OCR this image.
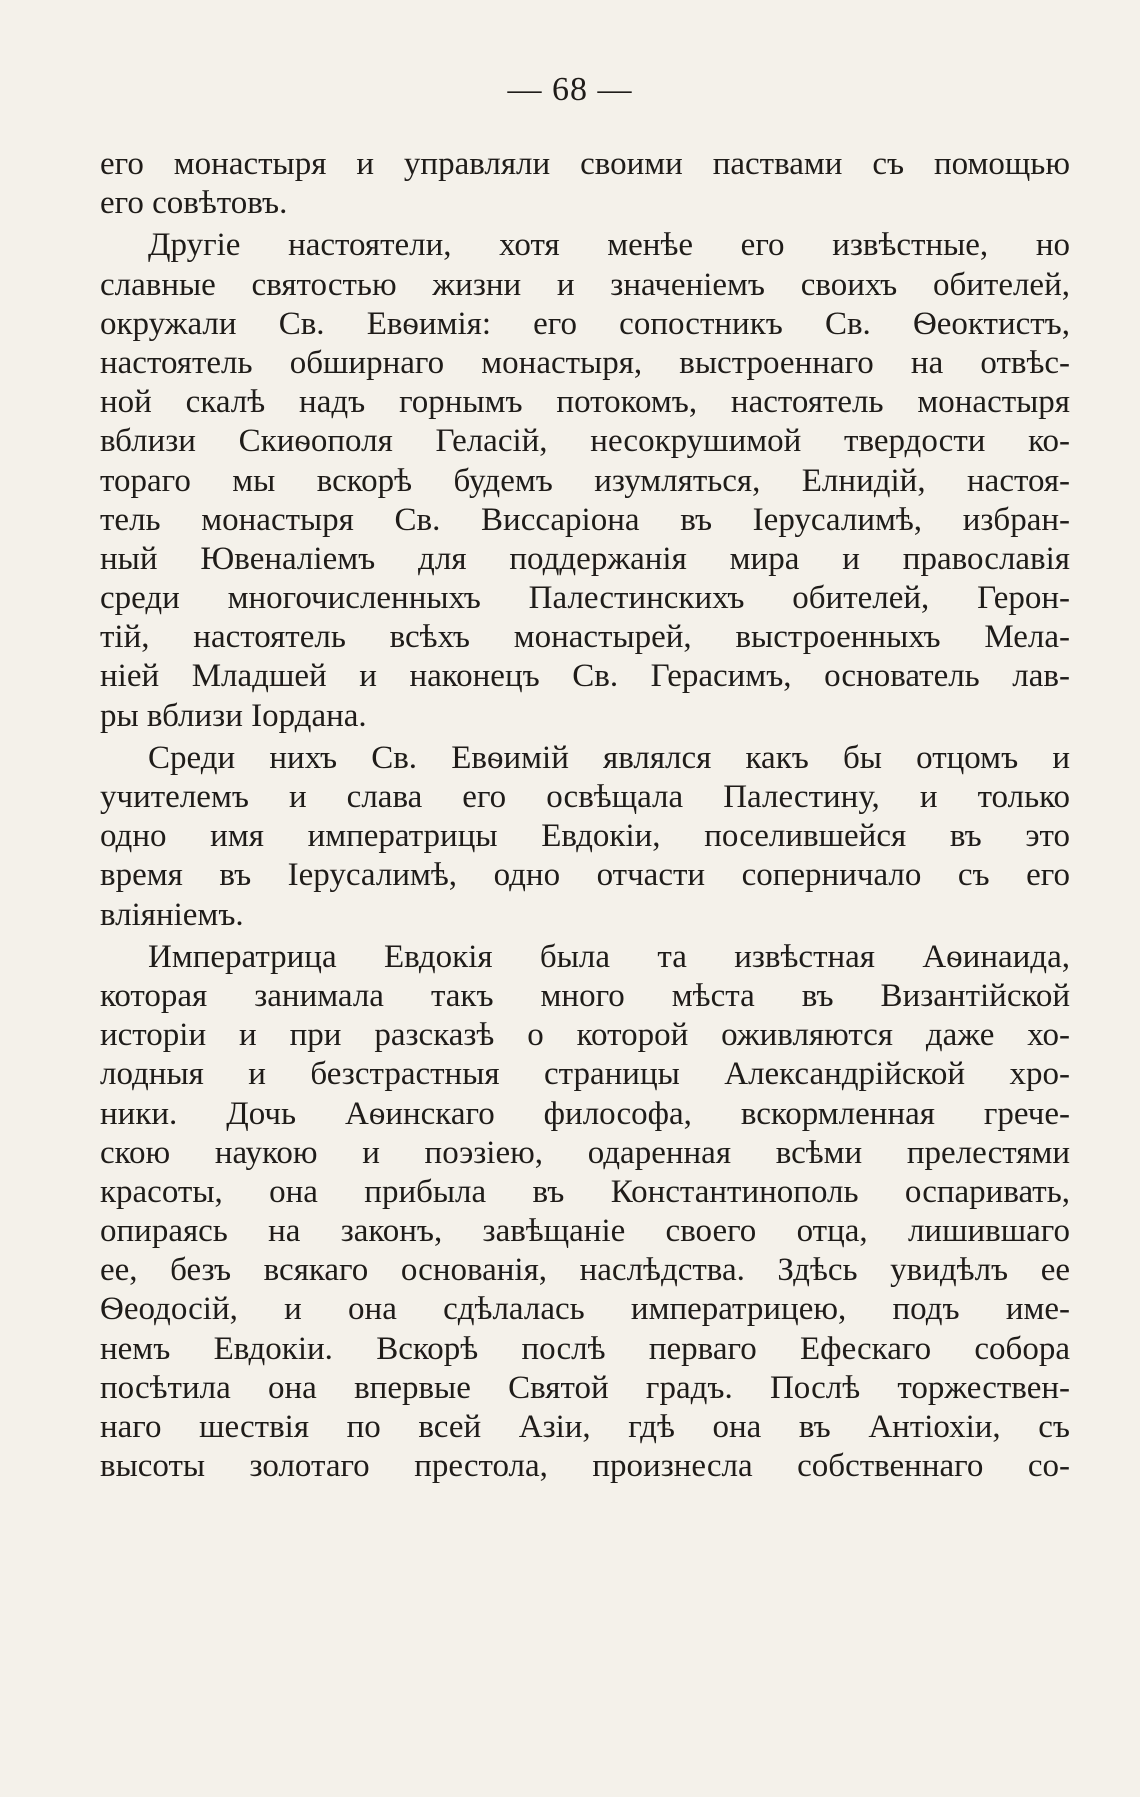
— 68 —
его монастыря и управляли своими паствами съ помощью
его совѣтовъ.
Другіе настоятели, хотя менѣе его извѣстные, но
славные святостью жизни и значеніемъ своихъ обителей,
окружали Св. Евѳимія: его сопостникъ Св. Ѳеоктистъ,
настоятель обширнаго монастыря, выстроеннаго на отвѣс-
ной скалѣ надъ горнымъ потокомъ, настоятель монастыря
вблизи Скиѳополя Геласій, несокрушимой твердости ко-
тораго мы вскорѣ будемъ изумляться, Елнидій, настоя-
тель монастыря Св. Виссаріона въ Іерусалимѣ, избран-
ный Ювеналіемъ для поддержанія мира и православія
среди многочисленныхъ Палестинскихъ обителей, Герон-
тій, настоятель всѣхъ монастырей, выстроенныхъ Мела-
ніей Младшей и наконецъ Св. Герасимъ, основатель лав-
ры вблизи Іордана.
Среди нихъ Св. Евѳимій являлся какъ бы отцомъ и
учителемъ и слава его освѣщала Палестину, и только
одно имя императрицы Евдокіи, поселившейся въ это
время въ Іерусалимѣ, одно отчасти соперничало съ его
вліяніемъ.
Императрица Евдокія была та извѣстная Аѳинаида,
которая занимала такъ много мѣста въ Византійской
исторіи и при разсказѣ о которой оживляются даже хо-
лодныя и безстрастныя страницы Александрійской хро-
ники. Дочь Аѳинскаго философа, вскормленная грече-
скою наукою и поэзіею, одаренная всѣми прелестями
красоты, она прибыла въ Константинополь оспаривать,
опираясь на законъ, завѣщаніе своего отца, лишившаго
ее, безъ всякаго основанія, наслѣдства. Здѣсь увидѣлъ ее
Ѳеодосій, и она сдѣлалась императрицею, подъ име-
немъ Евдокіи. Вскорѣ послѣ перваго Ефескаго собора
посѣтила она впервые Святой градъ. Послѣ торжествен-
наго шествія по всей Азіи, гдѣ она въ Антіохіи, съ
высоты золотаго престола, произнесла собственнаго со-
